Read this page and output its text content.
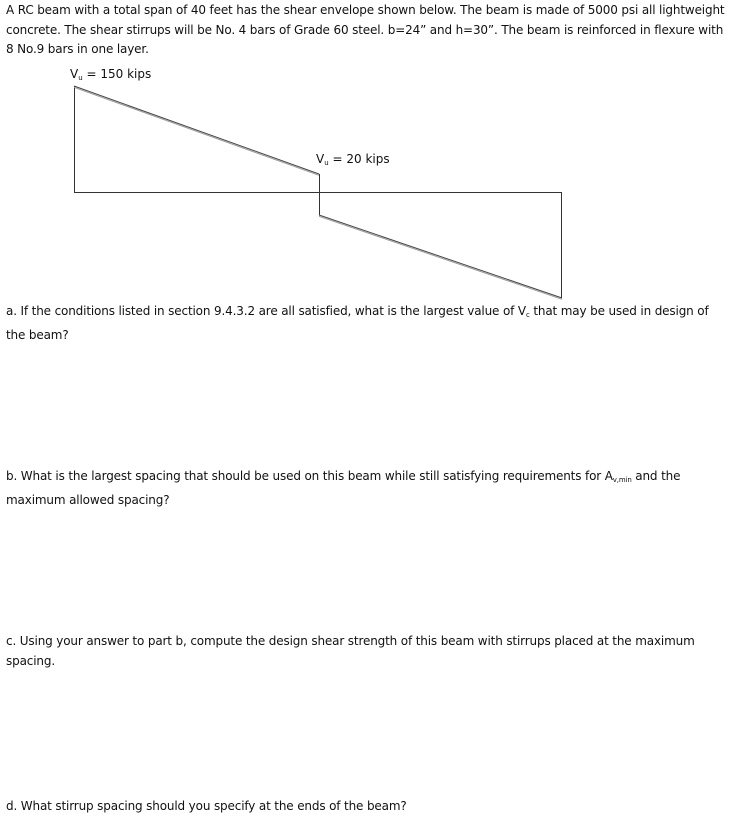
A RC beam with a total span of 40 feet has the shear envelope shown below. The beam is made of 5000 psi all lightweight concrete. The shear stirrups will be No. 4 bars of Grade 60 steel. b=24” and h=30”. The beam is reinforced in flexure with 8 No.9 bars in one layer.

$V_u = 150$ kips
$V_u = 20$ kips

a. If the conditions listed in section 9.4.3.2 are all satisfied, what is the largest value of $V_c$ that may be used in design of the beam?

b. What is the largest spacing that should be used on this beam while still satisfying requirements for $A_{v,min}$ and the maximum allowed spacing?

c. Using your answer to part b, compute the design shear strength of this beam with stirrups placed at the maximum spacing.

d. What stirrup spacing should you specify at the ends of the beam?
